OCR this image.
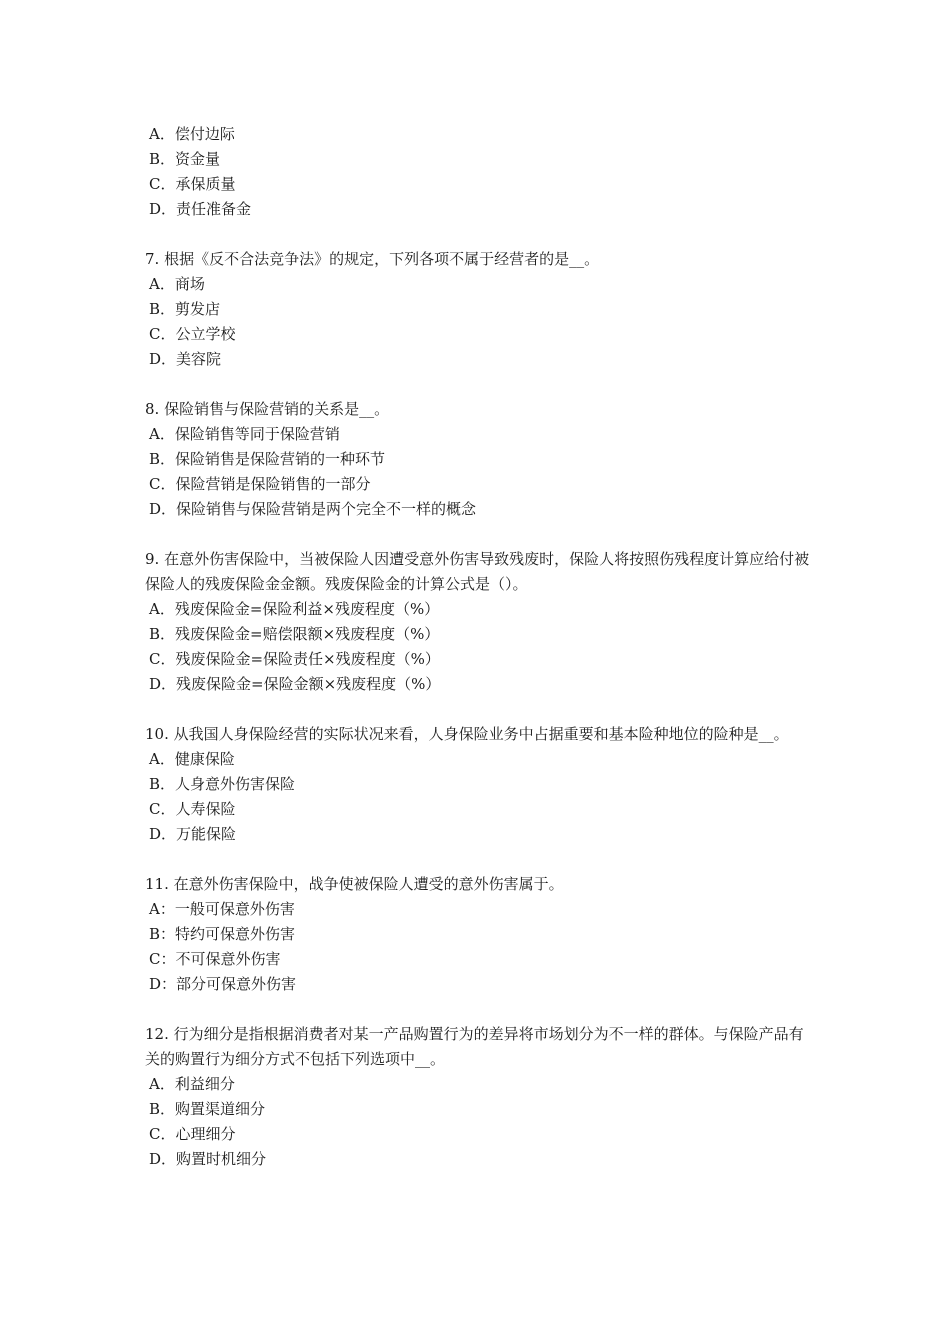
A．偿付边际

B．资金量

C．承保质量

D．责任准备金

7. 根据《反不合法竞争法》的规定，下列各项不属于经营者的是__。

A．商场

B．剪发店

C．公立学校

D．美容院

8. 保险销售与保险营销的关系是__。

A．保险销售等同于保险营销

B．保险销售是保险营销的一种环节

C．保险营销是保险销售的一部分

D．保险销售与保险营销是两个完全不一样的概念

9. 在意外伤害保险中，当被保险人因遭受意外伤害导致残废时，保险人将按照伤残程度计算应给付被保险人的残废保险金金额。残废保险金的计算公式是（）。

A．残废保险金=保险利益×残废程度（%）

B．残废保险金=赔偿限额×残废程度（%）

C．残废保险金=保险责任×残废程度（%）

D．残废保险金=保险金额×残废程度（%）

10. 从我国人身保险经营的实际状况来看，人身保险业务中占据重要和基本险种地位的险种是__。

A．健康保险

B．人身意外伤害保险

C．人寿保险

D．万能保险

11. 在意外伤害保险中，战争使被保险人遭受的意外伤害属于。

A：一般可保意外伤害

B：特约可保意外伤害

C：不可保意外伤害

D：部分可保意外伤害

12. 行为细分是指根据消费者对某一产品购置行为的差异将市场划分为不一样的群体。与保险产品有关的购置行为细分方式不包括下列选项中__。

A．利益细分

B．购置渠道细分

C．心理细分

D．购置时机细分
